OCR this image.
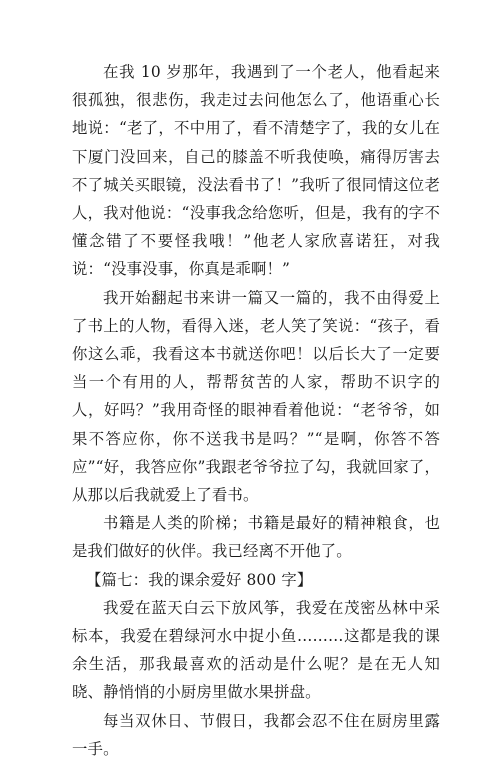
在我 10 岁那年，我遇到了一个老人，他看起来很孤独，很悲伤，我走过去问他怎么了，他语重心长地说：“老了，不中用了，看不清楚字了，我的女儿在下厦门没回来，自己的膝盖不听我使唤，痛得厉害去不了城关买眼镜，没法看书了！”我听了很同情这位老人，我对他说：“没事我念给您听，但是，我有的字不懂念错了不要怪我哦！”他老人家欣喜诺狂，对我说：“没事没事，你真是乖啊！”

我开始翻起书来讲一篇又一篇的，我不由得爱上了书上的人物，看得入迷，老人笑了笑说：“孩子，看你这么乖，我看这本书就送你吧！以后长大了一定要当一个有用的人，帮帮贫苦的人家，帮助不识字的人，好吗？”我用奇怪的眼神看着他说：“老爷爷，如果不答应你，你不送我书是吗？”“是啊，你答不答应”“好，我答应你”我跟老爷爷拉了勾，我就回家了，从那以后我就爱上了看书。

书籍是人类的阶梯；书籍是最好的精神粮食，也是我们做好的伙伴。我已经离不开他了。

【篇七：我的课余爱好 800 字】

我爱在蓝天白云下放风筝，我爱在茂密丛林中采标本，我爱在碧绿河水中捉小鱼………这都是我的课余生活，那我最喜欢的活动是什么呢？是在无人知晓、静悄悄的小厨房里做水果拼盘。

每当双休日、节假日，我都会忍不住在厨房里露一手。
